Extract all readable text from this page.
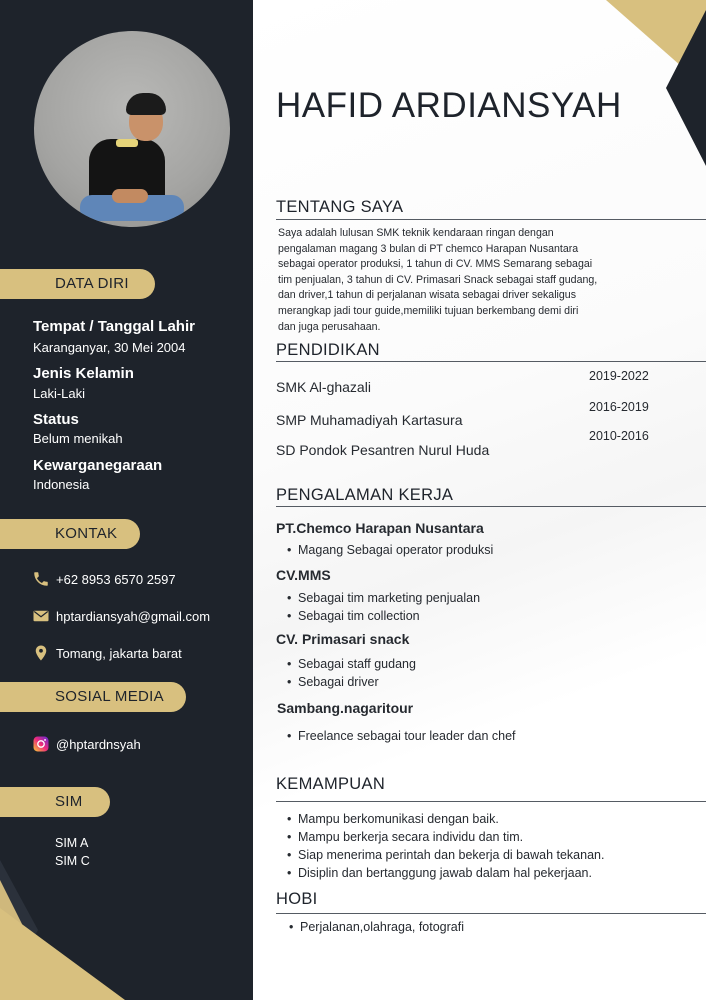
DATA DIRI
Tempat / Tanggal Lahir
Karanganyar, 30 Mei 2004
Jenis Kelamin
Laki-Laki
Status
Belum menikah
Kewarganegaraan
Indonesia
KONTAK
+62 8953 6570 2597
hptardiansyah@gmail.com
Tomang, jakarta barat
SOSIAL MEDIA
@hptardnsyah
SIM
SIM A
SIM C
HAFID ARDIANSYAH
TENTANG SAYA
Saya adalah lulusan SMK teknik kendaraan ringan dengan
pengalaman magang 3 bulan di PT chemco Harapan Nusantara
sebagai operator produksi, 1 tahun di CV. MMS Semarang sebagai
tim penjualan, 3 tahun di CV. Primasari Snack sebagai staff gudang,
dan driver,1 tahun di perjalanan wisata sebagai driver sekaligus
merangkap jadi tour guide,memiliki tujuan berkembang demi diri
dan juga perusahaan.
PENDIDIKAN
SMK Al-ghazali
SMP Muhamadiyah Kartasura
SD Pondok Pesantren Nurul Huda
2019-2022
2016-2019
2010-2016
PENGALAMAN KERJA
PT.Chemco Harapan Nusantara
• Magang Sebagai operator produksi
CV.MMS
• Sebagai tim marketing penjualan
• Sebagai tim collection
CV. Primasari snack
• Sebagai staff gudang
• Sebagai driver
Sambang.nagaritour
• Freelance sebagai tour leader dan chef
KEMAMPUAN
• Mampu berkomunikasi dengan baik.
• Mampu berkerja secara individu dan tim.
• Siap menerima perintah dan bekerja di bawah tekanan.
• Disiplin dan bertanggung jawab dalam hal pekerjaan.
HOBI
• Perjalanan,olahraga, fotografi
